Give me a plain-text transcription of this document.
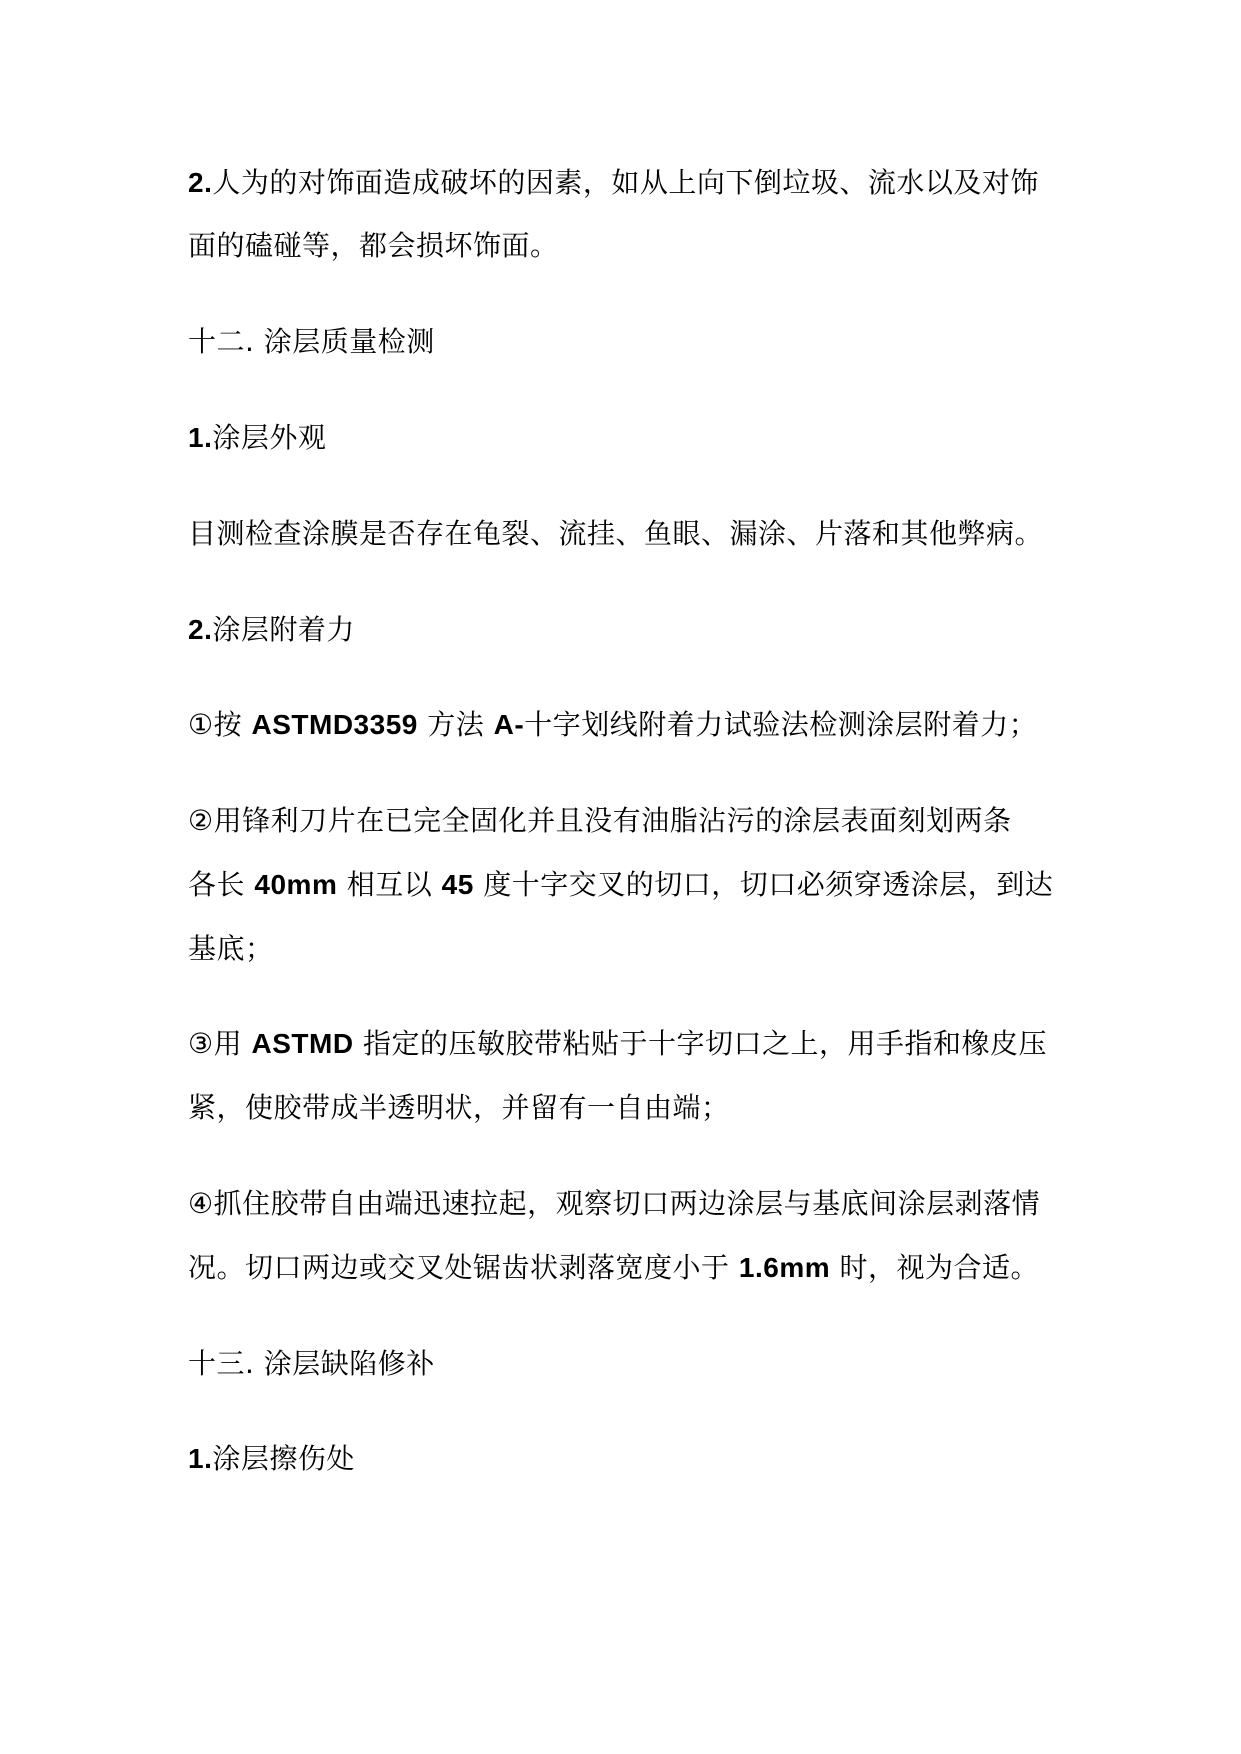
2.人为的对饰面造成破坏的因素，如从上向下倒垃圾、流水以及对饰
面的磕碰等，都会损坏饰面。
十二. 涂层质量检测
1.涂层外观
目测检查涂膜是否存在龟裂、流挂、鱼眼、漏涂、片落和其他弊病。
2.涂层附着力
①按 ASTMD3359 方法 A-十字划线附着力试验法检测涂层附着力；
②用锋利刀片在已完全固化并且没有油脂沾污的涂层表面刻划两条
各长 40mm 相互以 45 度十字交叉的切口，切口必须穿透涂层，到达
基底；
③用 ASTMD 指定的压敏胶带粘贴于十字切口之上，用手指和橡皮压
紧，使胶带成半透明状，并留有一自由端；
④抓住胶带自由端迅速拉起，观察切口两边涂层与基底间涂层剥落情
况。切口两边或交叉处锯齿状剥落宽度小于 1.6mm 时，视为合适。
十三. 涂层缺陷修补
1.涂层擦伤处
